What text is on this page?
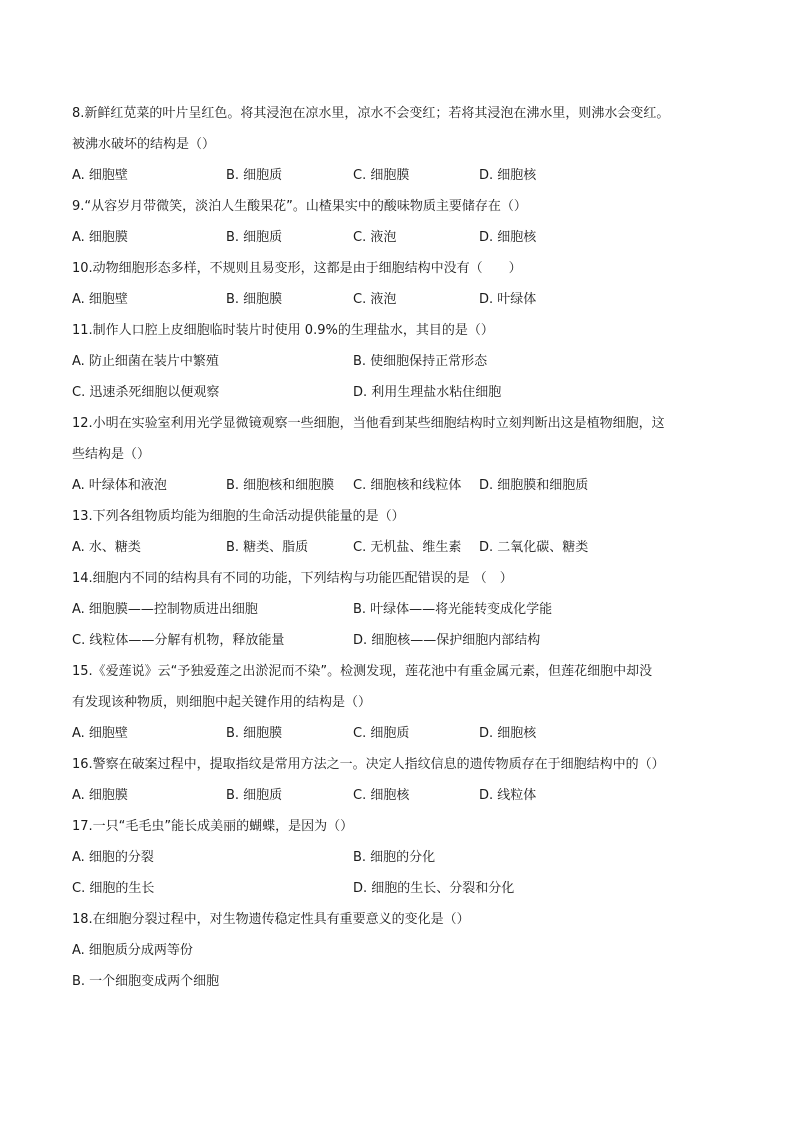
8.新鲜红苋菜的叶片呈红色。将其浸泡在凉水里，凉水不会变红；若将其浸泡在沸水里，则沸水会变红。
被沸水破坏的结构是（）
A. 细胞壁	B. 细胞质	C. 细胞膜	D. 细胞核
9.“从容岁月带微笑，淡泊人生酸果花”。山楂果实中的酸味物质主要储存在（）
A. 细胞膜	B. 细胞质	C. 液泡	D. 细胞核
10.动物细胞形态多样，不规则且易变形，这都是由于细胞结构中没有（　　）
A. 细胞壁	B. 细胞膜	C. 液泡	D. 叶绿体
11.制作人口腔上皮细胞临时装片时使用 0.9%的生理盐水，其目的是（）
A. 防止细菌在装片中繁殖	B. 使细胞保持正常形态
C. 迅速杀死细胞以便观察	D. 利用生理盐水粘住细胞
12.小明在实验室利用光学显微镜观察一些细胞，当他看到某些细胞结构时立刻判断出这是植物细胞，这
些结构是（）
A. 叶绿体和液泡	B. 细胞核和细胞膜 C. 细胞核和线粒体 D. 细胞膜和细胞质
13.下列各组物质均能为细胞的生命活动提供能量的是（）
A. 水、糖类	B. 糖类、脂质	C. 无机盐、维生素 D. 二氧化碳、糖类
14.细胞内不同的结构具有不同的功能，下列结构与功能匹配错误的是 （　）
A. 细胞膜——控制物质进出细胞	B. 叶绿体——将光能转变成化学能
C. 线粒体——分解有机物，释放能量	D. 细胞核——保护细胞内部结构
15.《爱莲说》云“予独爱莲之出淤泥而不染”。检测发现，莲花池中有重金属元素，但莲花细胞中却没
有发现该种物质，则细胞中起关键作用的结构是（）
A. 细胞壁	B. 细胞膜	C. 细胞质	D. 细胞核
16.警察在破案过程中，提取指纹是常用方法之一。决定人指纹信息的遗传物质存在于细胞结构中的（）
A. 细胞膜	B. 细胞质	C. 细胞核	D. 线粒体
17.一只“毛毛虫”能长成美丽的蝴蝶，是因为（）
A. 细胞的分裂	B. 细胞的分化
C. 细胞的生长	D. 细胞的生长、分裂和分化
18.在细胞分裂过程中，对生物遗传稳定性具有重要意义的变化是（）
A. 细胞质分成两等份
B. 一个细胞变成两个细胞
